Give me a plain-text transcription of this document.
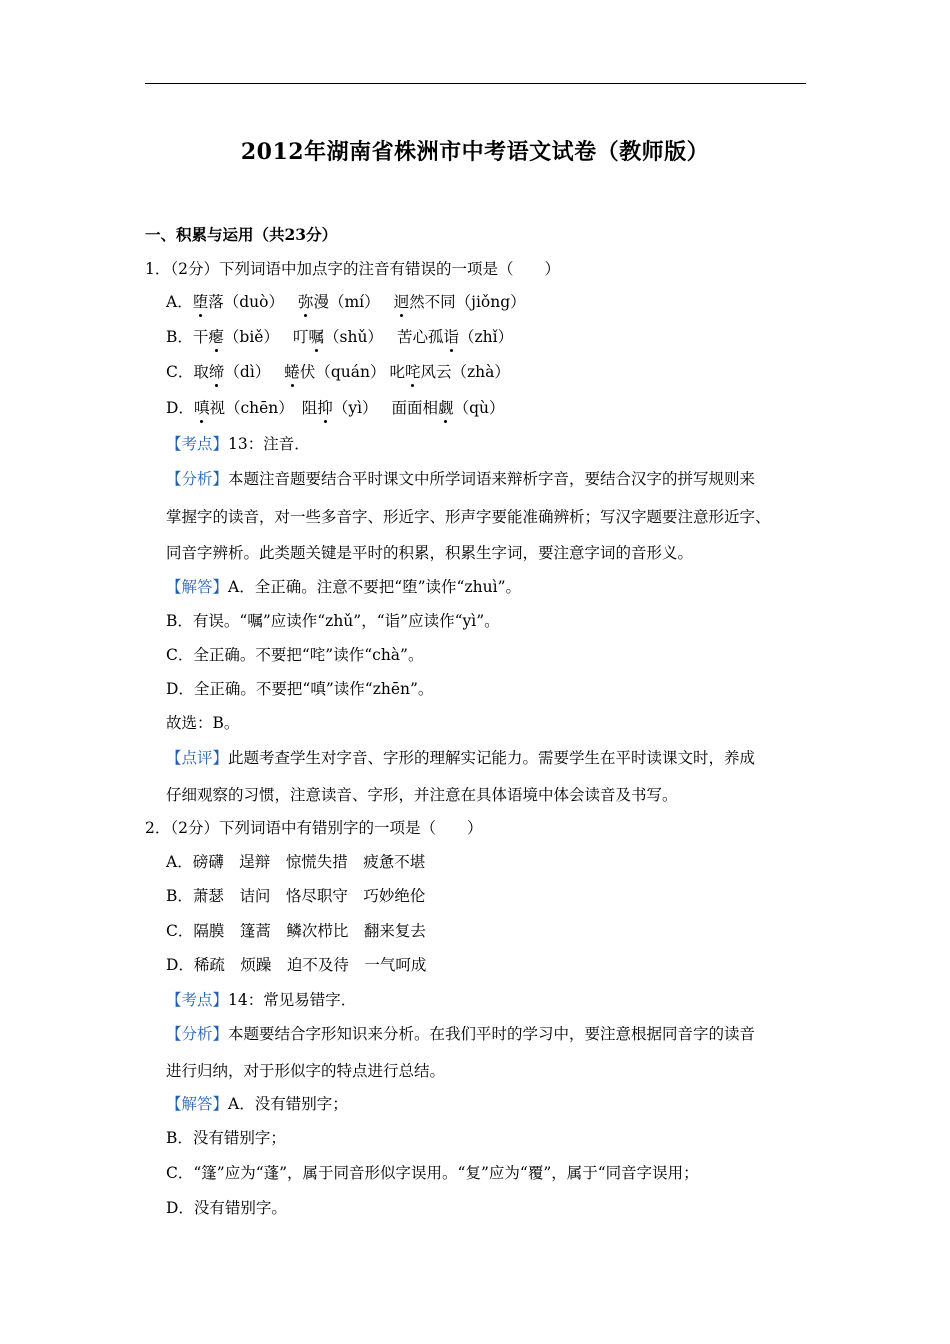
2012年湖南省株洲市中考语文试卷（教师版）
一、积累与运用（共23分）
1．（2分）下列词语中加点字的注音有错误的一项是（　　）
A．堕落（duò） 弥漫（mí） 迥然不同（jiǒng）
B．干瘪（biě） 叮嘱（shǔ） 苦心孤诣（zhǐ）
C．取缔（dì） 蜷伏（quán） 叱咤风云（zhà）
D．嗔视（chēn） 阻抑（yì） 面面相觑（qù）
【考点】13：注音．
【分析】本题注音题要结合平时课文中所学词语来辩析字音，要结合汉字的拼写规则来
掌握字的读音，对一些多音字、形近字、形声字要能准确辨析；写汉字题要注意形近字、
同音字辨析。此类题关键是平时的积累，积累生字词，要注意字词的音形义。
【解答】A．全正确。注意不要把“堕”读作“zhuì”。
B．有误。“嘱”应读作“zhǔ”，“诣”应读作“yì”。
C．全正确。不要把“咤”读作“chà”。
D．全正确。不要把“嗔”读作“zhēn”。
故选：B。
【点评】此题考查学生对字音、字形的理解实记能力。需要学生在平时读课文时，养成
仔细观察的习惯，注意读音、字形，并注意在具体语境中体会读音及书写。
2．（2分）下列词语中有错别字的一项是（　　）
A．磅礴　逞辩　惊慌失措　疲惫不堪
B．萧瑟　诘问　恪尽职守　巧妙绝伦
C．隔膜　篷蒿　鳞次栉比　翻来复去
D．稀疏　烦躁　迫不及待　一气呵成
【考点】14：常见易错字．
【分析】本题要结合字形知识来分析。在我们平时的学习中，要注意根据同音字的读音
进行归纳，对于形似字的特点进行总结。
【解答】A．没有错别字；
B．没有错别字；
C．“篷”应为“蓬”，属于同音形似字误用。“复”应为“覆”，属于“同音字误用；
D．没有错别字。
